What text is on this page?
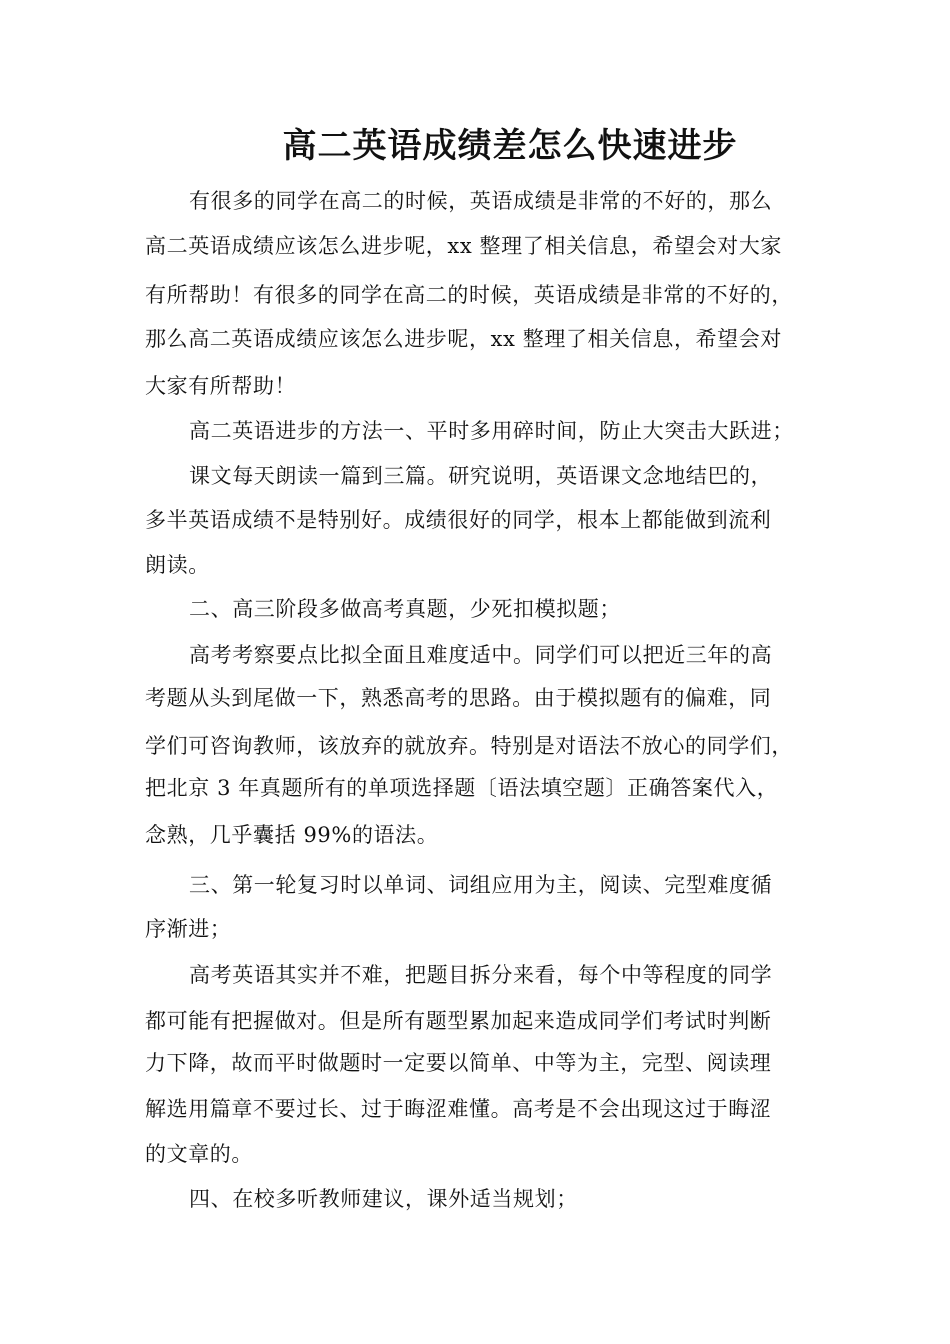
高二英语成绩差怎么快速进步
有很多的同学在高二的时候，英语成绩是非常的不好的，那么
高二英语成绩应该怎么进步呢，xx 整理了相关信息，希望会对大家
有所帮助！有很多的同学在高二的时候，英语成绩是非常的不好的，
那么高二英语成绩应该怎么进步呢，xx 整理了相关信息，希望会对
大家有所帮助！
高二英语进步的方法一、平时多用碎时间，防止大突击大跃进；
课文每天朗读一篇到三篇。研究说明，英语课文念地结巴的，
多半英语成绩不是特别好。成绩很好的同学，根本上都能做到流利
朗读。
二、高三阶段多做高考真题，少死扣模拟题；
高考考察要点比拟全面且难度适中。同学们可以把近三年的高
考题从头到尾做一下，熟悉高考的思路。由于模拟题有的偏难，同
学们可咨询教师，该放弃的就放弃。特别是对语法不放心的同学们，
把北京 3 年真题所有的单项选择题〔语法填空题〕正确答案代入，
念熟，几乎囊括 99%的语法。
三、第一轮复习时以单词、词组应用为主，阅读、完型难度循
序渐进；
高考英语其实并不难，把题目拆分来看，每个中等程度的同学
都可能有把握做对。但是所有题型累加起来造成同学们考试时判断
力下降，故而平时做题时一定要以简单、中等为主，完型、阅读理
解选用篇章不要过长、过于晦涩难懂。高考是不会出现这过于晦涩
的文章的。
四、在校多听教师建议，课外适当规划；
